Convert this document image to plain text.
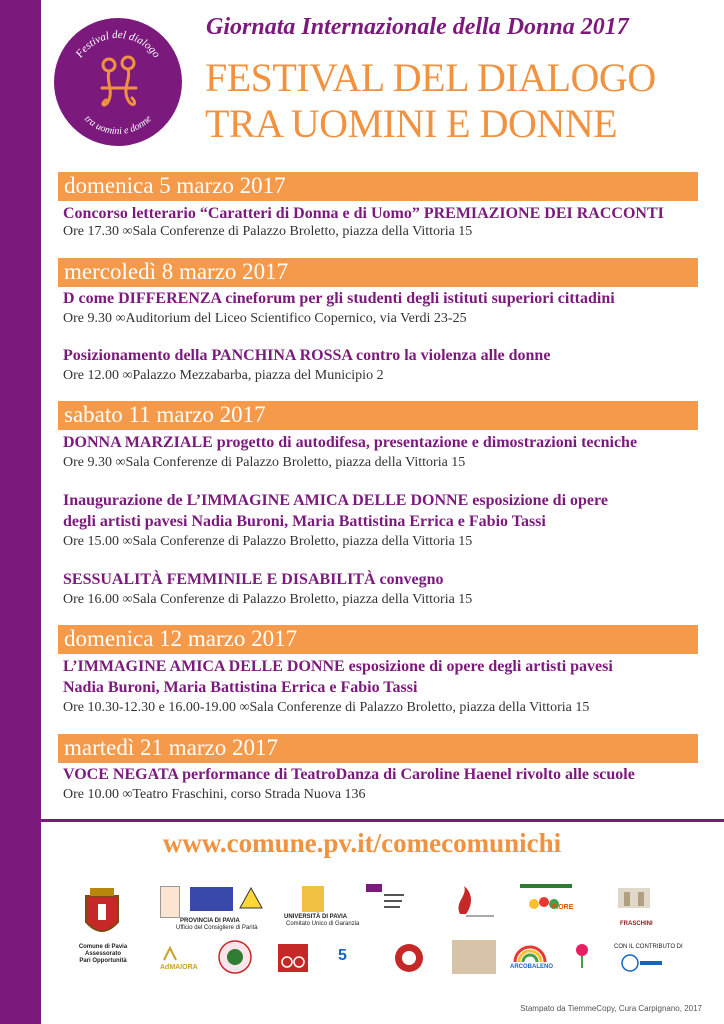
Festival del dialogo
tra uomini e donne
Giornata Internazionale della Donna 2017
FESTIVAL DEL DIALOGO
TRA UOMINI E DONNE
domenica 5 marzo 2017
Concorso letterario “Caratteri di Donna e di Uomo” PREMIAZIONE DEI RACCONTI
Ore 17.30 ∞Sala Conferenze di Palazzo Broletto, piazza della Vittoria 15
mercoledì 8 marzo 2017
D come DIFFERENZA cineforum per gli studenti degli istituti superiori cittadini
Ore 9.30 ∞Auditorium del Liceo Scientifico Copernico, via Verdi 23-25
Posizionamento della PANCHINA ROSSA contro la violenza alle donne
Ore 12.00 ∞Palazzo Mezzabarba, piazza del Municipio 2
sabato 11 marzo 2017
DONNA MARZIALE progetto di autodifesa, presentazione e dimostrazioni tecniche
Ore 9.30 ∞Sala Conferenze di Palazzo Broletto, piazza della Vittoria 15
Inaugurazione de L’IMMAGINE AMICA DELLE DONNE esposizione di opere
degli artisti pavesi Nadia Buroni, Maria Battistina Errica e Fabio Tassi
Ore 15.00 ∞Sala Conferenze di Palazzo Broletto, piazza della Vittoria 15
SESSUALITÀ FEMMINILE E DISABILITÀ convegno
Ore 16.00 ∞Sala Conferenze di Palazzo Broletto, piazza della Vittoria 15
domenica 12 marzo 2017
L’IMMAGINE AMICA DELLE DONNE esposizione di opere degli artisti pavesi
Nadia Buroni, Maria Battistina Errica e Fabio Tassi
Ore 10.30-12.30 e 16.00-19.00 ∞Sala Conferenze di Palazzo Broletto, piazza della Vittoria 15
martedì 21 marzo 2017
VOCE NEGATA performance di TeatroDanza di Caroline Haenel rivolto alle scuole
Ore 10.00 ∞Teatro Fraschini, corso Strada Nuova 136
www.comune.pv.it/comecomunichi
Comune di Pavia
Assessorato
Pari Opportunità
PROVINCIA DI PAVIA
Ufficio del Consigliere di Parità
UNIVERSITÀ DI PAVIA
Comitato Unico di Garanzia
FIORE
FRASCHINI
AdMAIORA
5
ARCOBALENO
CON IL CONTRIBUTO DI
Stampato da TiemmeCopy, Cura Carpignano, 2017
